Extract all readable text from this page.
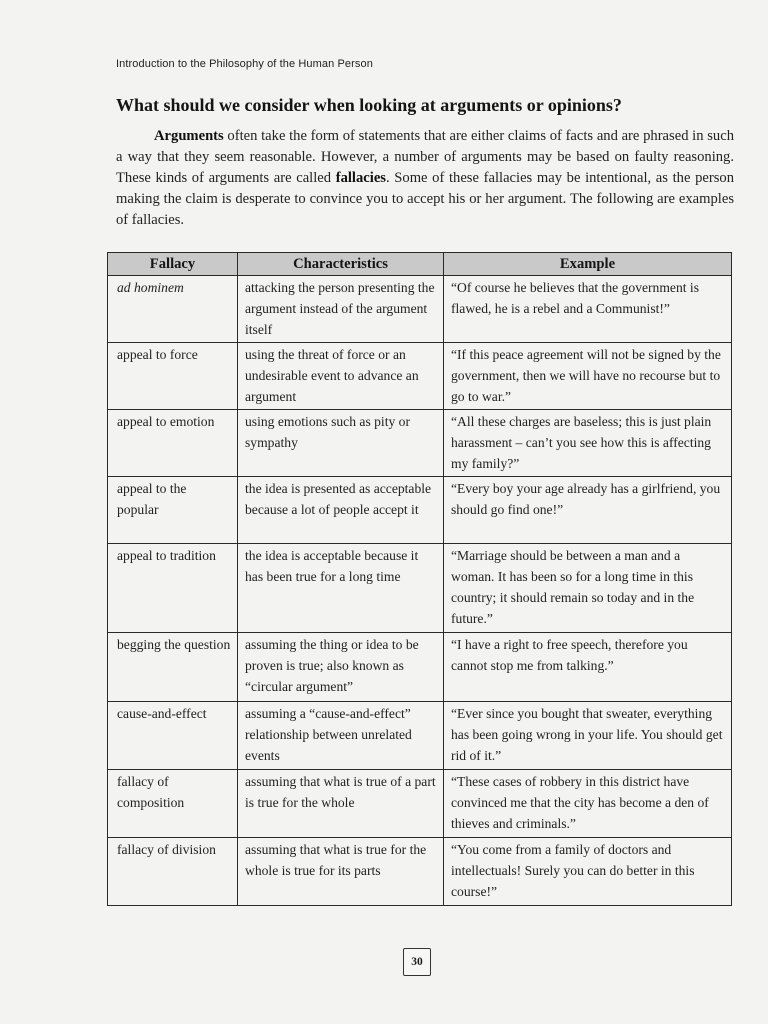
Introduction to the Philosophy of the Human Person
What should we consider when looking at arguments or opinions?

Arguments often take the form of statements that are either claims of facts and are phrased in such a way that they seem reasonable. However, a number of arguments may be based on faulty reasoning. These kinds of arguments are called fallacies. Some of these fallacies may be intentional, as the person making the claim is desperate to convince you to accept his or her argument. The following are examples of fallacies.

Fallacy	Characteristics	Example
ad hominem	attacking the person presenting the argument instead of the argument itself	“Of course he believes that the government is flawed, he is a rebel and a Communist!”
appeal to force	using the threat of force or an undesirable event to advance an argument	“If this peace agreement will not be signed by the government, then we will have no recourse but to go to war.”
appeal to emotion	using emotions such as pity or sympathy	“All these charges are baseless; this is just plain harassment – can’t you see how this is affecting my family?”
appeal to the popular	the idea is presented as acceptable because a lot of people accept it	“Every boy your age already has a girlfriend, you should go find one!”
appeal to tradition	the idea is acceptable because it has been true for a long time	“Marriage should be between a man and a woman. It has been so for a long time in this country; it should remain so today and in the future.”
begging the question	assuming the thing or idea to be proven is true; also known as “circular argument”	“I have a right to free speech, therefore you cannot stop me from talking.”
cause-and-effect	assuming a “cause-and-effect” relationship between unrelated events	“Ever since you bought that sweater, everything has been going wrong in your life. You should get rid of it.”
fallacy of composition	assuming that what is true of a part is true for the whole	“These cases of robbery in this district have convinced me that the city has become a den of thieves and criminals.”
fallacy of division	assuming that what is true for the whole is true for its parts	“You come from a family of doctors and intellectuals! Surely you can do better in this course!”
30
